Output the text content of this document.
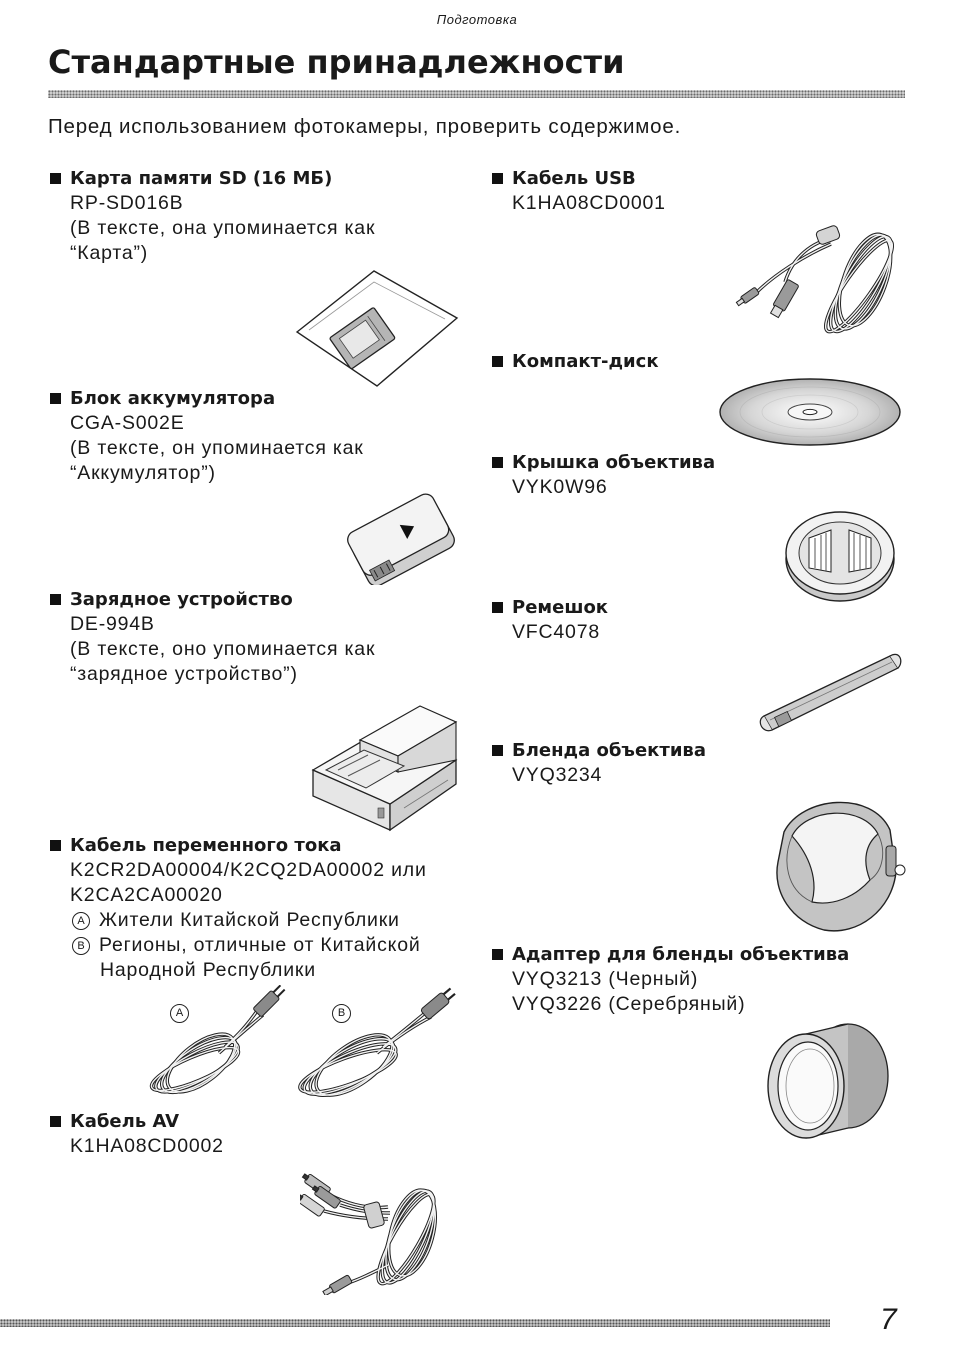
Подготовка
Стандартные принадлежности
Перед использованием фотокамеры, проверить содержимое.
Карта памяти SD (16 МБ)
RP-SD016B
(В тексте, она упоминается как
“Карта”)
Блок аккумулятора
CGA-S002E
(В тексте, он упоминается как
“Аккумулятор”)
Зарядное устройство
DE-994B
(В тексте, оно упоминается как
“зарядное устройство”)
Кабель переменного тока
K2CR2DA00004/K2CQ2DA00002 или
K2CA2CA00020
A Жители Китайской Республики
B Регионы, отличные от Китайской
Народной Республики
Кабель AV
K1HA08CD0002
Кабель USB
K1HA08CD0001
Компакт-диск
Крышка объектива
VYK0W96
Ремешок
VFC4078
Бленда объектива
VYQ3234
Адаптер для бленды объектива
VYQ3213 (Черный)
VYQ3226 (Серебряный)
A	B
7
